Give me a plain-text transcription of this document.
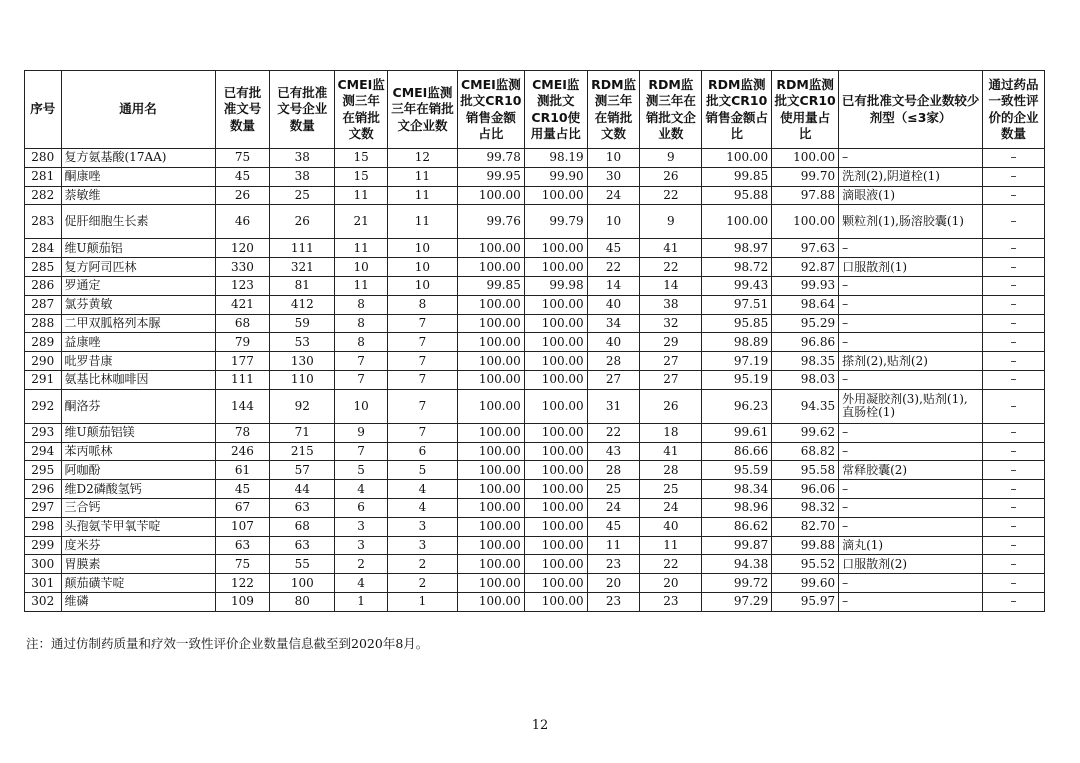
序号	通用名	已有批准文号数量	已有批准文号企业数量	CMEI监测三年在销批文数	CMEI监测三年在销批文企业数	CMEI监测批文CR10销售金额占比	CMEI监测批文CR10使用量占比	RDM监测三年在销批文数	RDM监测三年在销批文企业数	RDM监测批文CR10销售金额占比	RDM监测批文CR10使用量占比	已有批准文号企业数较少剂型（≤3家）	通过药品一致性评价的企业数量
280	复方氨基酸(17AA)	75	38	15	12	99.78	98.19	10	9	100.00	100.00	–	–
281	酮康唑	45	38	15	11	99.95	99.90	30	26	99.85	99.70	洗剂(2),阴道栓(1)	–
282	萘敏维	26	25	11	11	100.00	100.00	24	22	95.88	97.88	滴眼液(1)	–
283	促肝细胞生长素	46	26	21	11	99.76	99.79	10	9	100.00	100.00	颗粒剂(1),肠溶胶囊(1)	–
284	维U颠茄铝	120	111	11	10	100.00	100.00	45	41	98.97	97.63	–	–
285	复方阿司匹林	330	321	10	10	100.00	100.00	22	22	98.72	92.87	口服散剂(1)	–
286	罗通定	123	81	11	10	99.85	99.98	14	14	99.43	99.93	–	–
287	氯芬黄敏	421	412	8	8	100.00	100.00	40	38	97.51	98.64	–	–
288	二甲双胍格列本脲	68	59	8	7	100.00	100.00	34	32	95.85	95.29	–	–
289	益康唑	79	53	8	7	100.00	100.00	40	29	98.89	96.86	–	–
290	吡罗昔康	177	130	7	7	100.00	100.00	28	27	97.19	98.35	搽剂(2),贴剂(2)	–
291	氨基比林咖啡因	111	110	7	7	100.00	100.00	27	27	95.19	98.03	–	–
292	酮洛芬	144	92	10	7	100.00	100.00	31	26	96.23	94.35	外用凝胶剂(3),贴剂(1),直肠栓(1)	–
293	维U颠茄铝镁	78	71	9	7	100.00	100.00	22	18	99.61	99.62	–	–
294	苯丙哌林	246	215	7	6	100.00	100.00	43	41	86.66	68.82	–	–
295	阿咖酚	61	57	5	5	100.00	100.00	28	28	95.59	95.58	常释胶囊(2)	–
296	维D2磷酸氢钙	45	44	4	4	100.00	100.00	25	25	98.34	96.06	–	–
297	三合钙	67	63	6	4	100.00	100.00	24	24	98.96	98.32	–	–
298	头孢氨苄甲氧苄啶	107	68	3	3	100.00	100.00	45	40	86.62	82.70	–	–
299	度米芬	63	63	3	3	100.00	100.00	11	11	99.87	99.88	滴丸(1)	–
300	胃膜素	75	55	2	2	100.00	100.00	23	22	94.38	95.52	口服散剂(2)	–
301	颠茄磺苄啶	122	100	4	2	100.00	100.00	20	20	99.72	99.60	–	–
302	维磷	109	80	1	1	100.00	100.00	23	23	97.29	95.97	–	–
注：通过仿制药质量和疗效一致性评价企业数量信息截至到2020年8月。
12
